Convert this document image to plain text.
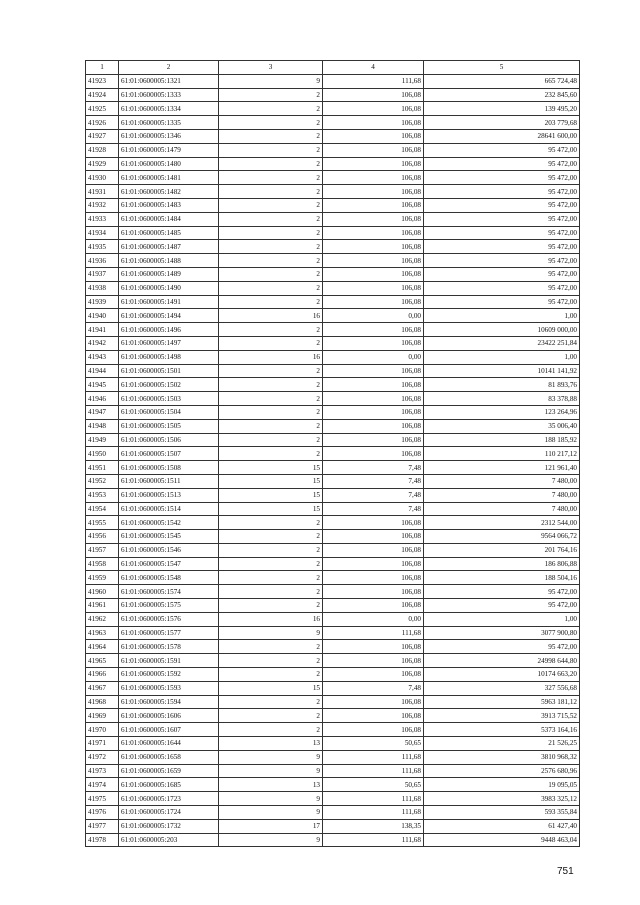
1	2	3	4	5
41923	61:01:0600005:1321	9	111,68	665 724,48
41924	61:01:0600005:1333	2	106,08	232 845,60
41925	61:01:0600005:1334	2	106,08	139 495,20
41926	61:01:0600005:1335	2	106,08	203 779,68
41927	61:01:0600005:1346	2	106,08	28641 600,00
41928	61:01:0600005:1479	2	106,08	95 472,00
41929	61:01:0600005:1480	2	106,08	95 472,00
41930	61:01:0600005:1481	2	106,08	95 472,00
41931	61:01:0600005:1482	2	106,08	95 472,00
41932	61:01:0600005:1483	2	106,08	95 472,00
41933	61:01:0600005:1484	2	106,08	95 472,00
41934	61:01:0600005:1485	2	106,08	95 472,00
41935	61:01:0600005:1487	2	106,08	95 472,00
41936	61:01:0600005:1488	2	106,08	95 472,00
41937	61:01:0600005:1489	2	106,08	95 472,00
41938	61:01:0600005:1490	2	106,08	95 472,00
41939	61:01:0600005:1491	2	106,08	95 472,00
41940	61:01:0600005:1494	16	0,00	1,00
41941	61:01:0600005:1496	2	106,08	10609 000,00
41942	61:01:0600005:1497	2	106,08	23422 251,84
41943	61:01:0600005:1498	16	0,00	1,00
41944	61:01:0600005:1501	2	106,08	10141 141,92
41945	61:01:0600005:1502	2	106,08	81 893,76
41946	61:01:0600005:1503	2	106,08	83 378,88
41947	61:01:0600005:1504	2	106,08	123 264,96
41948	61:01:0600005:1505	2	106,08	35 006,40
41949	61:01:0600005:1506	2	106,08	188 185,92
41950	61:01:0600005:1507	2	106,08	110 217,12
41951	61:01:0600005:1508	15	7,48	121 961,40
41952	61:01:0600005:1511	15	7,48	7 480,00
41953	61:01:0600005:1513	15	7,48	7 480,00
41954	61:01:0600005:1514	15	7,48	7 480,00
41955	61:01:0600005:1542	2	106,08	2312 544,00
41956	61:01:0600005:1545	2	106,08	9564 066,72
41957	61:01:0600005:1546	2	106,08	201 764,16
41958	61:01:0600005:1547	2	106,08	186 806,88
41959	61:01:0600005:1548	2	106,08	188 504,16
41960	61:01:0600005:1574	2	106,08	95 472,00
41961	61:01:0600005:1575	2	106,08	95 472,00
41962	61:01:0600005:1576	16	0,00	1,00
41963	61:01:0600005:1577	9	111,68	3077 900,80
41964	61:01:0600005:1578	2	106,08	95 472,00
41965	61:01:0600005:1591	2	106,08	24998 644,80
41966	61:01:0600005:1592	2	106,08	10174 663,20
41967	61:01:0600005:1593	15	7,48	327 556,68
41968	61:01:0600005:1594	2	106,08	5963 181,12
41969	61:01:0600005:1606	2	106,08	3913 715,52
41970	61:01:0600005:1607	2	106,08	5373 164,16
41971	61:01:0600005:1644	13	50,65	21 526,25
41972	61:01:0600005:1658	9	111,68	3810 968,32
41973	61:01:0600005:1659	9	111,68	2576 680,96
41974	61:01:0600005:1685	13	50,65	19 095,05
41975	61:01:0600005:1723	9	111,68	3983 325,12
41976	61:01:0600005:1724	9	111,68	593 355,84
41977	61:01:0600005:1732	17	138,35	61 427,40
41978	61:01:0600005:203	9	111,68	9448 463,04
751
